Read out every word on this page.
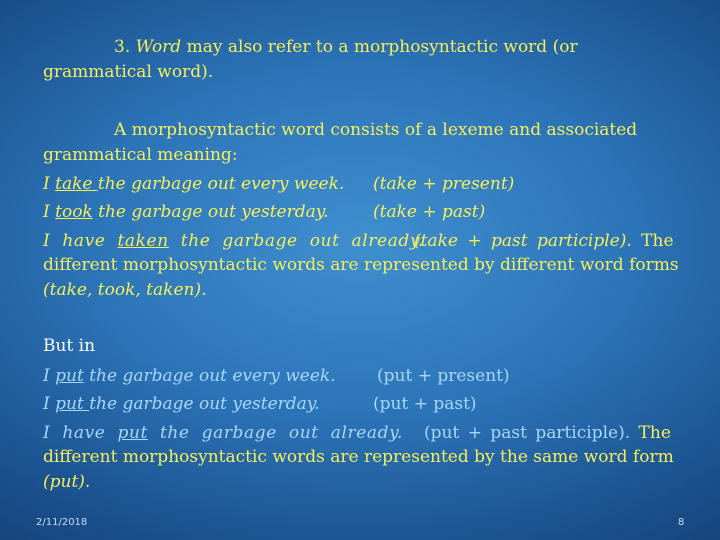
3. Word may also refer to a morphosyntactic word (or
grammatical word).
A morphosyntactic word consists of a lexeme and associated
grammatical meaning:
I take the garbage out every week. (take + present)
I took the garbage out yesterday.	(take + past)
I have taken the garbage out already.
(take + past participle). The
different morphosyntactic words are represented by different word forms
(take, took, taken).
But in
I put the garbage out every week. (put + present)
I put the garbage out yesterday.	(put + past)
I have put the garbage out already. (put + past participle). The
different morphosyntactic words are represented by the same word form
(put).
2/11/2018	8
